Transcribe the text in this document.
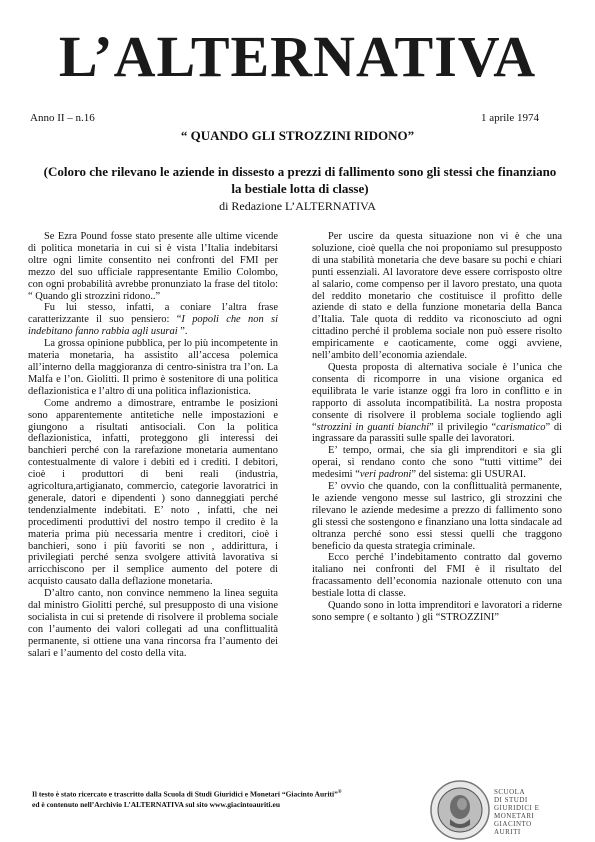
L’ALTERNATIVA
Anno II – n.16	1 aprile 1974
“ QUANDO GLI STROZZINI RIDONO”
(Coloro che rilevano le aziende in dissesto a prezzi di fallimento sono gli stessi che finanziano la bestiale lotta di classe)
di Redazione L’ALTERNATIVA

Se Ezra Pound fosse stato presente alle ultime vicende di politica monetaria in cui si è vista l’Italia indebitarsi oltre ogni limite consentito nei confronti del FMI per mezzo del suo ufficiale rappresentante Emilio Colombo, con ogni probabilità avrebbe pronunziato la frase del titolo: “ Quando gli strozzini ridono..”

Fu lui stesso, infatti, a coniare l’altra frase caratterizzante il suo pensiero: “I popoli che non si indebitano fanno rabbia agli usurai ”.

La grossa opinione pubblica, per lo più incompetente in materia monetaria, ha assistito all’accesa polemica all’interno della maggioranza di centro-sinistra tra l’on. La Malfa e l’on. Giolitti. Il primo è sostenitore di una politica deflazionistica e l’altro di una politica inflazionistica.

Come andremo a dimostrare, entrambe le posizioni sono apparentemente antitetiche nelle impostazioni e giungono a risultati antisociali. Con la politica deflazionistica, infatti, proteggono gli interessi dei banchieri perché con la rarefazione monetaria aumentano contestualmente di valore i debiti ed i crediti. I debitori, cioè i produttori di beni reali (industria, agricoltura,artigianato, commercio, categorie lavoratrici in generale, datori e dipendenti ) sono danneggiati perché tendenzialmente indebitati. E’ noto , infatti, che nei procedimenti produttivi del nostro tempo il credito è la materia prima più necessaria mentre i creditori, cioè i banchieri, sono i più favoriti se non , addirittura, i privilegiati perché senza svolgere attività lavorativa si arricchiscono per il semplice aumento del potere di acquisto causato dalla deflazione monetaria.

D’altro canto, non convince nemmeno la linea seguita dal ministro Giolitti perché, sul presupposto di una visione socialista in cui si pretende di risolvere il problema sociale con l’aumento dei valori collegati ad una conflittualità permanente, si ottiene una vana rincorsa fra l’aumento dei salari e l’aumento del costo della vita.

Per uscire da questa situazione non vi è che una soluzione, cioè quella che noi proponiamo sul presupposto di una stabilità monetaria che deve basare su pochi e chiari punti essenziali. Al lavoratore deve essere corrisposto oltre al salario, come compenso per il lavoro prestato, una quota del reddito monetario che costituisce il profitto delle aziende di stato e della funzione monetaria della Banca d’Italia. Tale quota di reddito va riconosciuto ad ogni cittadino perché il problema sociale non può essere risolto empiricamente e caoticamente, come oggi avviene, nell’ambito dell’economia aziendale.

Questa proposta di alternativa sociale è l’unica che consenta di ricomporre in una visione organica ed equilibrata le varie istanze oggi fra loro in conflitto e in rapporto di assoluta incompatibilità. La nostra proposta consente di risolvere il problema sociale togliendo agli “strozzini in guanti bianchi” il privilegio “carismatico” di ingrassare da parassiti sulle spalle dei lavoratori.

E’ tempo, ormai, che sia gli imprenditori e sia gli operai, si rendano conto che sono “tutti vittime” dei medesimi “veri padroni” del sistema: gli USURAI.

E’ ovvio che quando, con la conflittualità permanente, le aziende vengono messe sul lastrico, gli strozzini che rilevano le aziende medesime a prezzo di fallimento sono gli stessi che sostengono e finanziano una lotta sindacale ad oltranza perché sono essi stessi quelli che traggono beneficio da questa strategia criminale.

Ecco perché l’indebitamento contratto dal governo italiano nei confronti del FMI è il risultato del fracassamento dell’economia nazionale ottenuto con una bestiale lotta di classe.

Quando sono in lotta imprenditori e lavoratori a riderne sono sempre ( e soltanto ) gli “STROZZINI”

Il testo è stato ricercato e trascritto dalla Scuola di Studi Giuridici e Monetari “Giacinto Auriti”®
ed è contenuto nell’Archivio L’ALTERNATIVA sul sito www.giacintoauriti.eu
SCUOLA
DI STUDI
GIURIDICI E
MONETARI
GIACINTO
AURITI
